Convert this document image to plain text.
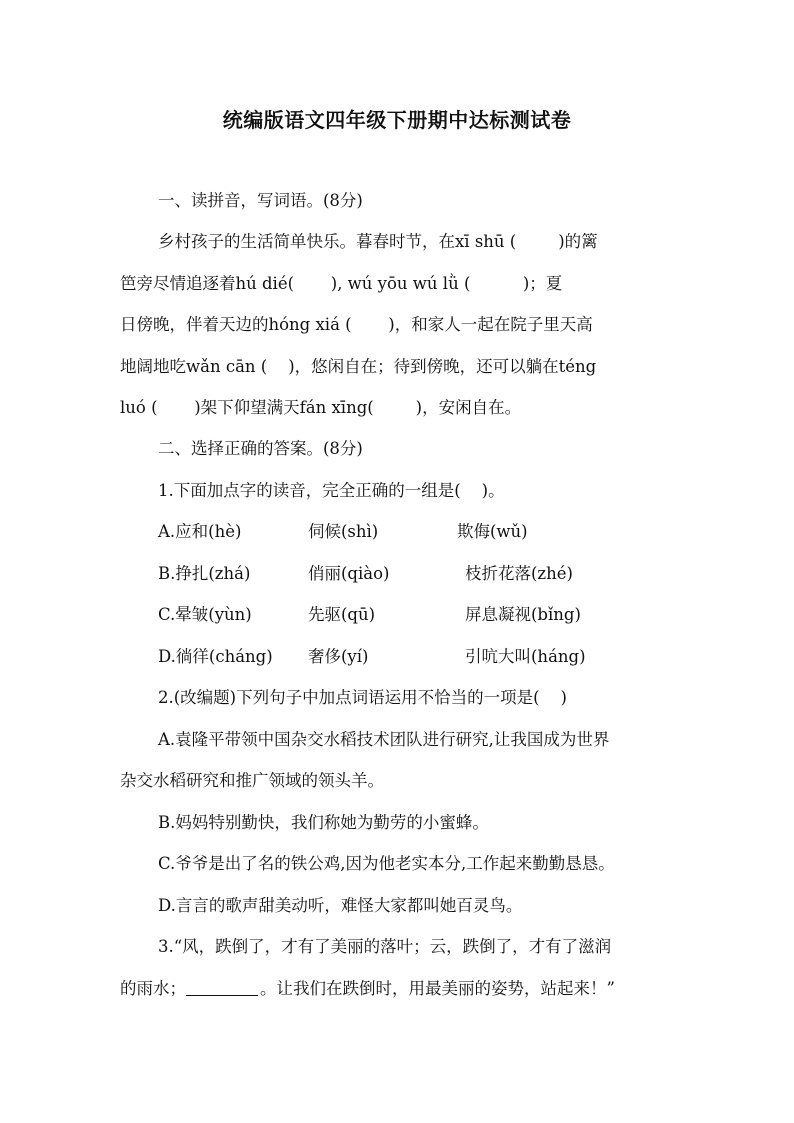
统编版语文四年级下册期中达标测试卷
一、读拼音，写词语。(8分)
乡村孩子的生活简单快乐。暮春时节，在xī shū (        )的篱
笆旁尽情追逐着hú dié(       ), wú yōu wú lǜ (          )；夏
日傍晚，伴着天边的hóng xiá (       )，和家人一起在院子里天高
地阔地吃wǎn cān (    )，悠闲自在；待到傍晚，还可以躺在téng
luó (       )架下仰望满天fán xīng(        )，安闲自在。
二、选择正确的答案。(8分)
1.下面加点字的读音，完全正确的一组是(    )。
A.应和(hè)	伺候(shì)	欺侮(wǔ)
B.挣扎(zhá)	俏丽(qiào)	枝折花落(zhé)
C.晕皱(yùn)	先驱(qū)	屏息凝视(bǐng)
D.徜徉(cháng) 奢侈(yí)	引吭大叫(háng)
2.(改编题)下列句子中加点词语运用不恰当的一项是(    )
A.袁隆平带领中国杂交水稻技术团队进行研究,让我国成为世界
杂交水稻研究和推广领域的领头羊。
B.妈妈特别勤快，我们称她为勤劳的小蜜蜂。
C.爷爷是出了名的铁公鸡,因为他老实本分,工作起来勤勤恳恳。
D.言言的歌声甜美动听，难怪大家都叫她百灵鸟。
3.“风，跌倒了，才有了美丽的落叶；云，跌倒了，才有了滋润
的雨水；	。让我们在跌倒时，用最美丽的姿势，站起来！”
